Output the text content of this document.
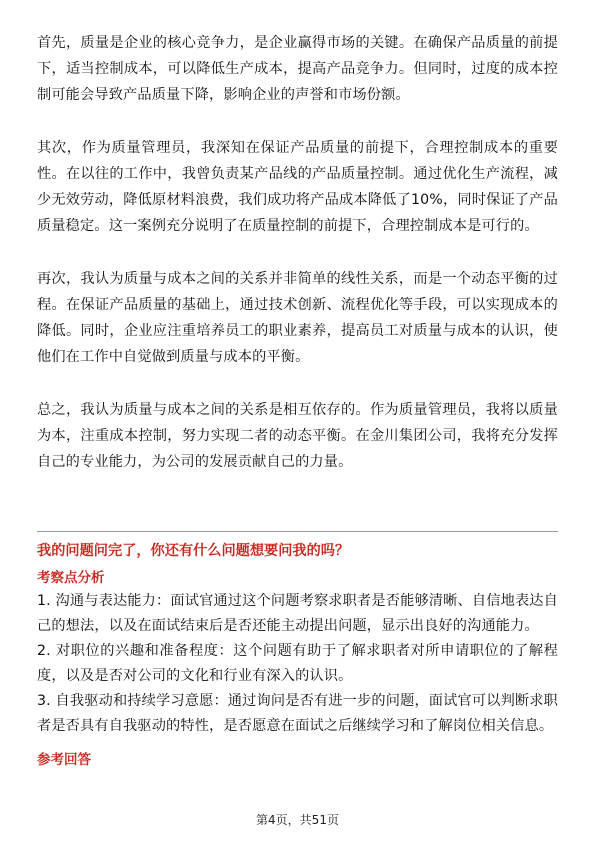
首先，质量是企业的核心竞争力，是企业赢得市场的关键。在确保产品质量的前提下，适当控制成本，可以降低生产成本，提高产品竞争力。但同时，过度的成本控制可能会导致产品质量下降，影响企业的声誉和市场份额。

其次，作为质量管理员，我深知在保证产品质量的前提下，合理控制成本的重要性。在以往的工作中，我曾负责某产品线的产品质量控制。通过优化生产流程，减少无效劳动，降低原材料浪费，我们成功将产品成本降低了10%，同时保证了产品质量稳定。这一案例充分说明了在质量控制的前提下，合理控制成本是可行的。

再次，我认为质量与成本之间的关系并非简单的线性关系，而是一个动态平衡的过程。在保证产品质量的基础上，通过技术创新、流程优化等手段，可以实现成本的降低。同时，企业应注重培养员工的职业素养，提高员工对质量与成本的认识，使他们在工作中自觉做到质量与成本的平衡。

总之，我认为质量与成本之间的关系是相互依存的。作为质量管理员，我将以质量为本，注重成本控制，努力实现二者的动态平衡。在金川集团公司，我将充分发挥自己的专业能力，为公司的发展贡献自己的力量。

我的问题问完了，你还有什么问题想要问我的吗？

考察点分析

1. 沟通与表达能力：面试官通过这个问题考察求职者是否能够清晰、自信地表达自己的想法，以及在面试结束后是否还能主动提出问题，显示出良好的沟通能力。

2. 对职位的兴趣和准备程度：这个问题有助于了解求职者对所申请职位的了解程度，以及是否对公司的文化和行业有深入的认识。

3. 自我驱动和持续学习意愿：通过询问是否有进一步的问题，面试官可以判断求职者是否具有自我驱动的特性，是否愿意在面试之后继续学习和了解岗位相关信息。

参考回答

第4页，共51页
